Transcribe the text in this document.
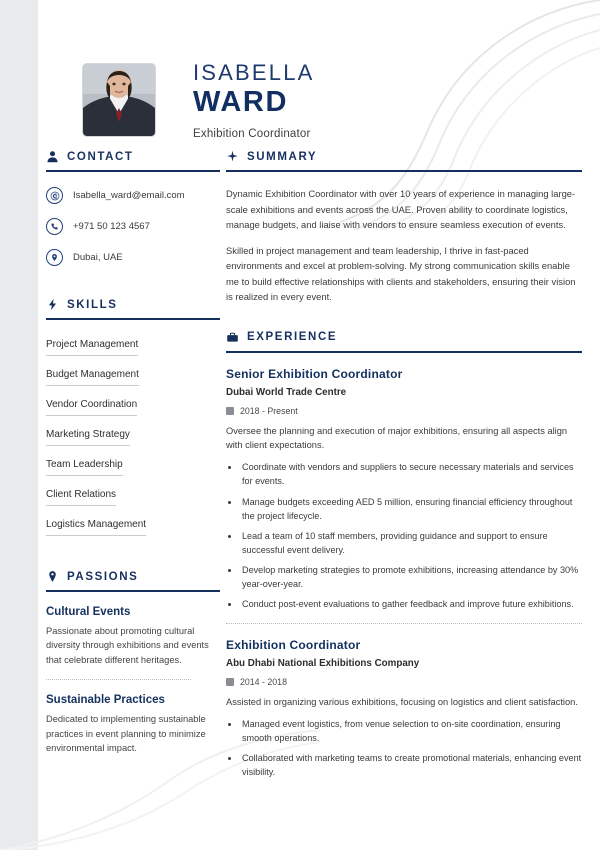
ISABELLA
WARD
Exhibition Coordinator
CONTACT
Isabella_ward@email.com
+971 50 123 4567
Dubai, UAE
SKILLS
Project Management
Budget Management
Vendor Coordination
Marketing Strategy
Team Leadership
Client Relations
Logistics Management
PASSIONS
Cultural Events
Passionate about promoting cultural diversity through exhibitions and events that celebrate different heritages.
Sustainable Practices
Dedicated to implementing sustainable practices in event planning to minimize environmental impact.
SUMMARY
Dynamic Exhibition Coordinator with over 10 years of experience in managing large-scale exhibitions and events across the UAE. Proven ability to coordinate logistics, manage budgets, and liaise with vendors to ensure seamless execution of events.
Skilled in project management and team leadership, I thrive in fast-paced environments and excel at problem-solving. My strong communication skills enable me to build effective relationships with clients and stakeholders, ensuring their vision is realized in every event.
EXPERIENCE
Senior Exhibition Coordinator
Dubai World Trade Centre
2018 - Present
Oversee the planning and execution of major exhibitions, ensuring all aspects align with client expectations.
• Coordinate with vendors and suppliers to secure necessary materials and services for events.
• Manage budgets exceeding AED 5 million, ensuring financial efficiency throughout the project lifecycle.
• Lead a team of 10 staff members, providing guidance and support to ensure successful event delivery.
• Develop marketing strategies to promote exhibitions, increasing attendance by 30% year-over-year.
• Conduct post-event evaluations to gather feedback and improve future exhibitions.
Exhibition Coordinator
Abu Dhabi National Exhibitions Company
2014 - 2018
Assisted in organizing various exhibitions, focusing on logistics and client satisfaction.
• Managed event logistics, from venue selection to on-site coordination, ensuring smooth operations.
• Collaborated with marketing teams to create promotional materials, enhancing event visibility.
